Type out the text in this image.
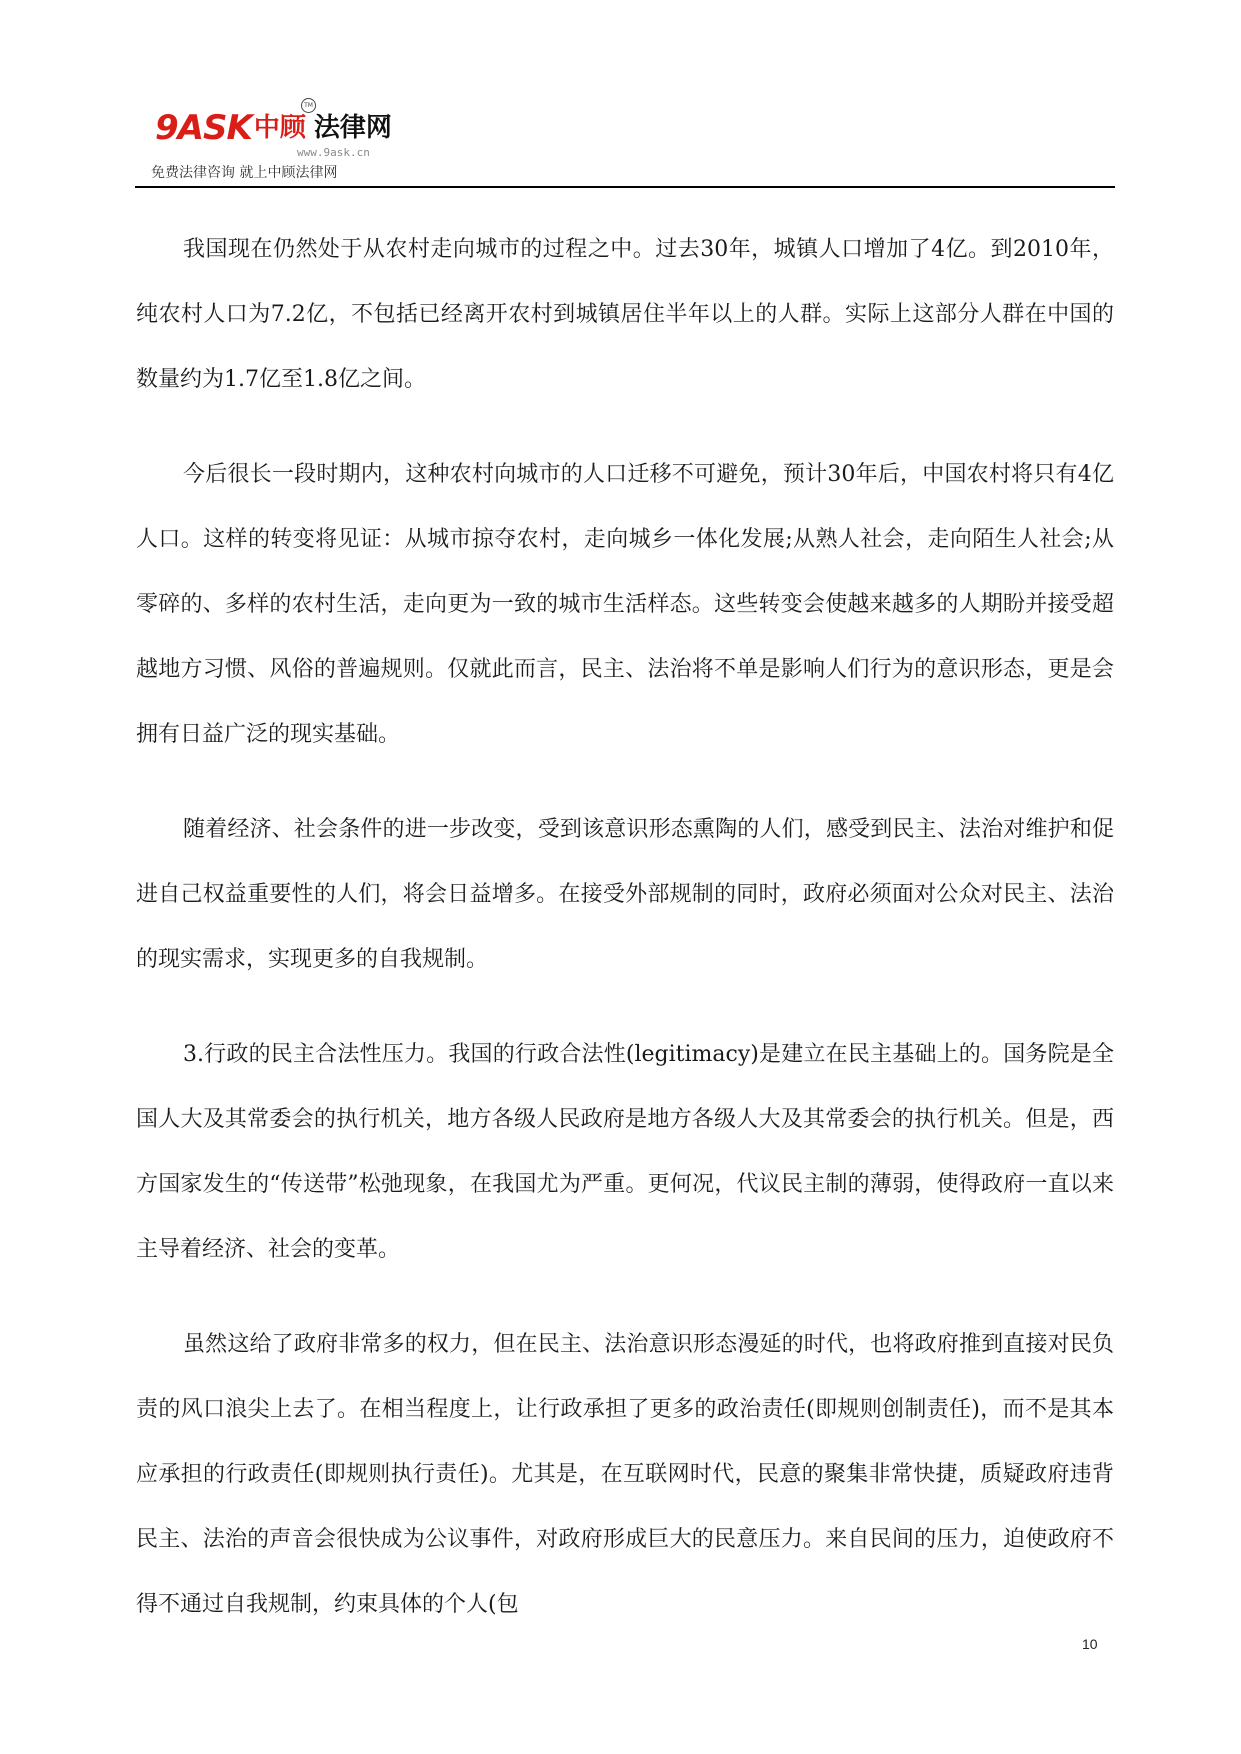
9ASK 中顾 法律网
TM
www.9ask.cn
免费法律咨询 就上中顾法律网

我国现在仍然处于从农村走向城市的过程之中。过去30年，城镇人口增加了4亿。到2010年，纯农村人口为7.2亿，不包括已经离开农村到城镇居住半年以上的人群。实际上这部分人群在中国的数量约为1.7亿至1.8亿之间。

今后很长一段时期内，这种农村向城市的人口迁移不可避免，预计30年后，中国农村将只有4亿人口。这样的转变将见证：从城市掠夺农村，走向城乡一体化发展;从熟人社会，走向陌生人社会;从零碎的、多样的农村生活，走向更为一致的城市生活样态。这些转变会使越来越多的人期盼并接受超越地方习惯、风俗的普遍规则。仅就此而言，民主、法治将不单是影响人们行为的意识形态，更是会拥有日益广泛的现实基础。

随着经济、社会条件的进一步改变，受到该意识形态熏陶的人们，感受到民主、法治对维护和促进自己权益重要性的人们，将会日益增多。在接受外部规制的同时，政府必须面对公众对民主、法治的现实需求，实现更多的自我规制。

3.行政的民主合法性压力。我国的行政合法性(legitimacy)是建立在民主基础上的。国务院是全国人大及其常委会的执行机关，地方各级人民政府是地方各级人大及其常委会的执行机关。但是，西方国家发生的“传送带”松弛现象，在我国尤为严重。更何况，代议民主制的薄弱，使得政府一直以来主导着经济、社会的变革。

虽然这给了政府非常多的权力，但在民主、法治意识形态漫延的时代，也将政府推到直接对民负责的风口浪尖上去了。在相当程度上，让行政承担了更多的政治责任(即规则创制责任)，而不是其本应承担的行政责任(即规则执行责任)。尤其是，在互联网时代，民意的聚集非常快捷，质疑政府违背民主、法治的声音会很快成为公议事件，对政府形成巨大的民意压力。来自民间的压力，迫使政府不得不通过自我规制，约束具体的个人(包

10
